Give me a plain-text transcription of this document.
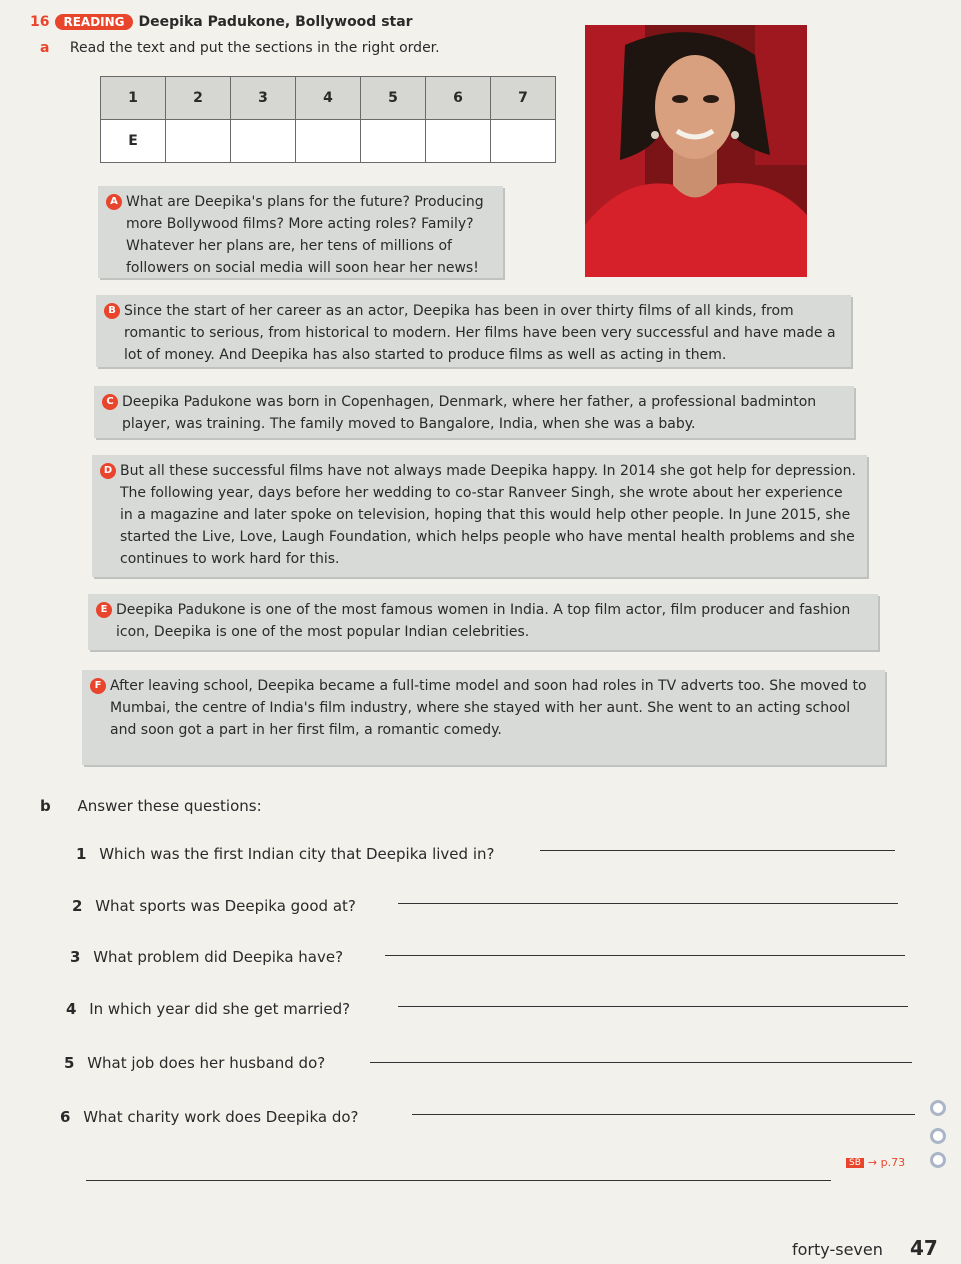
16	READING	Deepika Padukone, Bollywood star
a Read the text and put the sections in the right order.
1	2	3	4	5	6	7
E						
A What are Deepika's plans for the future? Producing more Bollywood films? More acting roles? Family? Whatever her plans are, her tens of millions of followers on social media will soon hear her news!

B Since the start of her career as an actor, Deepika has been in over thirty films of all kinds, from romantic to serious, from historical to modern. Her films have been very successful and have made a lot of money. And Deepika has also started to produce films as well as acting in them.

C Deepika Padukone was born in Copenhagen, Denmark, where her father, a professional badminton player, was training. The family moved to Bangalore, India, when she was a baby.

D But all these successful films have not always made Deepika happy. In 2014 she got help for depression. The following year, days before her wedding to co-star Ranveer Singh, she wrote about her experience in a magazine and later spoke on television, hoping that this would help other people. In June 2015, she started the Live, Love, Laugh Foundation, which helps people who have mental health problems and she continues to work hard for this.

E Deepika Padukone is one of the most famous women in India. A top film actor, film producer and fashion icon, Deepika is one of the most popular Indian celebrities.

F After leaving school, Deepika became a full-time model and soon had roles in TV adverts too. She moved to Mumbai, the centre of India's film industry, where she stayed with her aunt. She went to an acting school and soon got a part in her first film, a romantic comedy.

b Answer these questions:
1 Which was the first Indian city that Deepika lived in?
2 What sports was Deepika good at?
3 What problem did Deepika have?
4 In which year did she get married?
5 What job does her husband do?
6 What charity work does Deepika do?
SB → p.73
forty-seven 47
